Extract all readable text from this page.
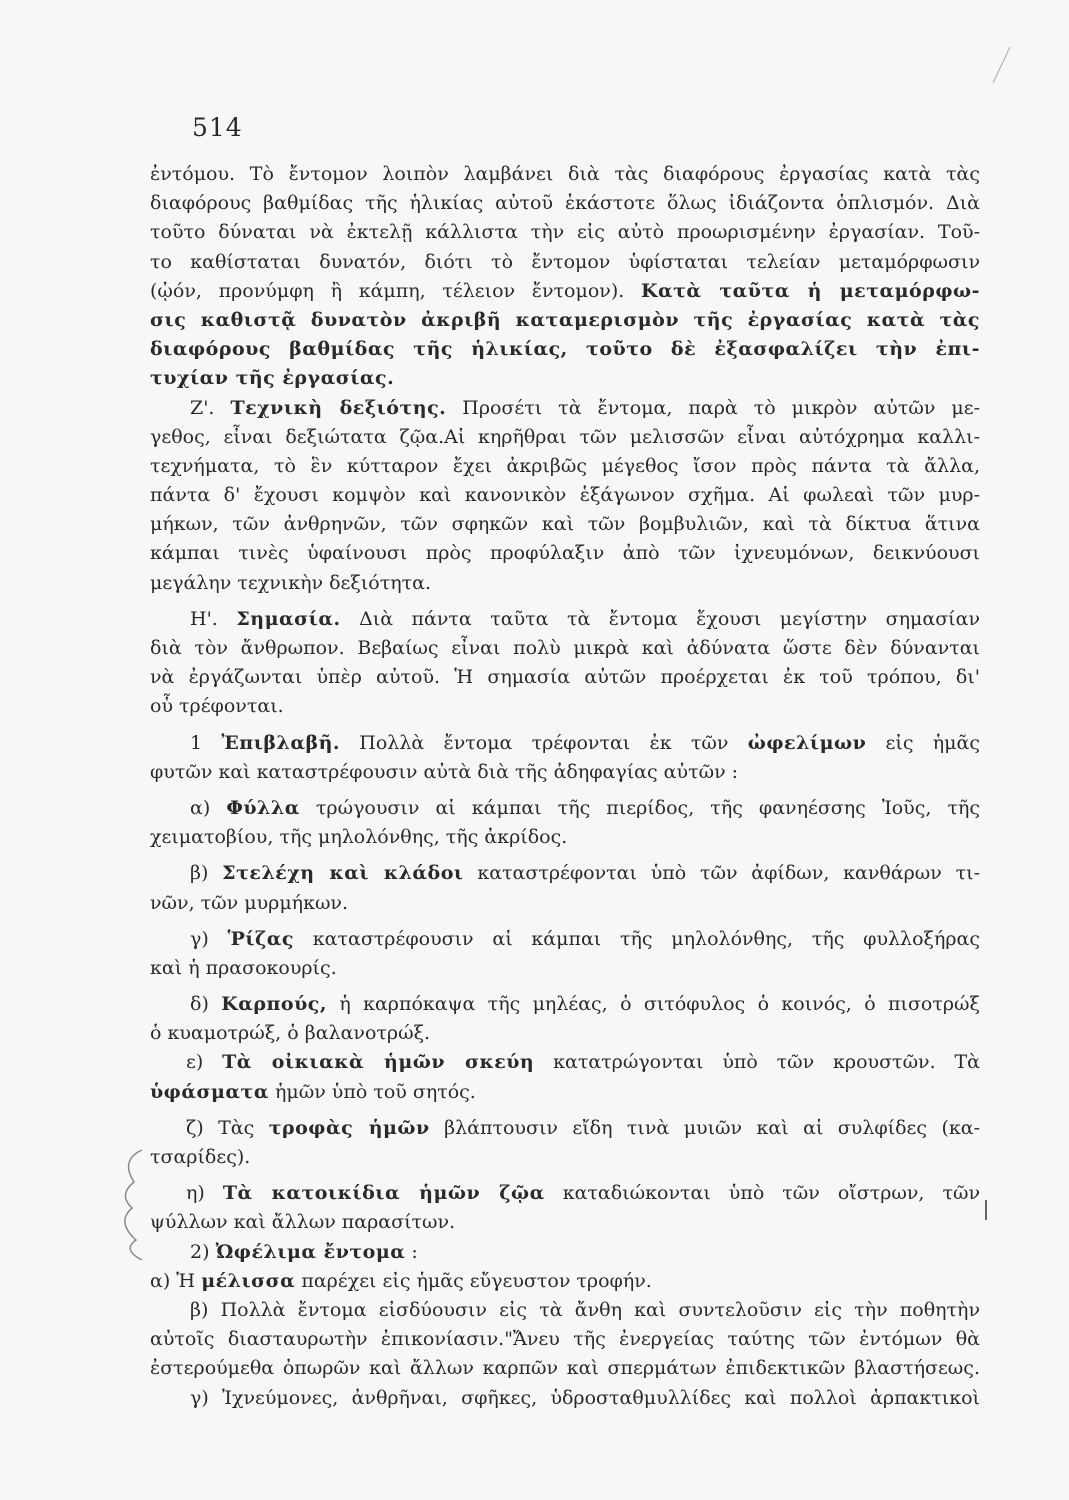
514
ἐντόμου. Τὸ ἔντομον λοιπὸν λαμβάνει διὰ τὰς διαφόρους ἐργασίας κατὰ τὰς
διαφόρους βαθμίδας τῆς ἡλικίας αὐτοῦ ἑκάστοτε ὅλως ἰδιάζοντα ὁπλισμόν. Διὰ
τοῦτο δύναται νὰ ἐκτελῇ κάλλιστα τὴν εἰς αὐτὸ προωρισμένην ἐργασίαν. Τοῦ-
το καθίσταται δυνατόν, διότι τὸ ἔντομον ὑφίσταται τελείαν μεταμόρφωσιν
(ᾠόν, προνύμφη ἢ κάμπη, τέλειον ἔντομον). Κατὰ ταῦτα ἡ μεταμόρφω-
σις καθιστᾷ δυνατὸν ἀκριβῆ καταμερισμὸν τῆς ἐργασίας κατὰ τὰς
διαφόρους βαθμίδας τῆς ἡλικίας, τοῦτο δὲ ἐξασφαλίζει τὴν ἐπι-
τυχίαν τῆς ἐργασίας.
Ζ'. Τεχνικὴ δεξιότης. Προσέτι τὰ ἔντομα, παρὰ τὸ μικρὸν αὐτῶν με-
γεθος, εἶναι δεξιώτατα ζῷα.Αἱ κηρῆθραι τῶν μελισσῶν εἶναι αὐτόχρημα καλλι-
τεχνήματα, τὸ ἓν κύτταρον ἔχει ἀκριβῶς μέγεθος ἴσον πρὸς πάντα τὰ ἄλλα,
πάντα δ' ἔχουσι κομψὸν καὶ κανονικὸν ἑξάγωνον σχῆμα. Αἱ φωλεαὶ τῶν μυρ-
μήκων, τῶν ἀνθρηνῶν, τῶν σφηκῶν καὶ τῶν βομβυλιῶν, καὶ τὰ δίκτυα ἅτινα
κάμπαι τινὲς ὑφαίνουσι πρὸς προφύλαξιν ἀπὸ τῶν ἰχνευμόνων, δεικνύουσι
μεγάλην τεχνικὴν δεξιότητα.
Η'. Σημασία. Διὰ πάντα ταῦτα τὰ ἔντομα ἔχουσι μεγίστην σημασίαν
διὰ τὸν ἄνθρωπον. Βεβαίως εἶναι πολὺ μικρὰ καὶ ἀδύνατα ὥστε δὲν δύνανται
νὰ ἐργάζωνται ὑπὲρ αὐτοῦ. Ἡ σημασία αὐτῶν προέρχεται ἐκ τοῦ τρόπου, δι'
οὗ τρέφονται.
1 Ἐπιβλαβῆ. Πολλὰ ἔντομα τρέφονται ἐκ τῶν ὠφελίμων εἰς ἡμᾶς
φυτῶν καὶ καταστρέφουσιν αὐτὰ διὰ τῆς ἀδηφαγίας αὐτῶν :
α) Φύλλα τρώγουσιν αἱ κάμπαι τῆς πιερίδος, τῆς φανηέσσης Ἰοῦς, τῆς
χειματοβίου, τῆς μηλολόνθης, τῆς ἀκρίδος.
β) Στελέχη καὶ κλάδοι καταστρέφονται ὑπὸ τῶν ἀφίδων, κανθάρων τι-
νῶν, τῶν μυρμήκων.
γ) Ῥίζας καταστρέφουσιν αἱ κάμπαι τῆς μηλολόνθης, τῆς φυλλοξήρας
καὶ ἡ πρασοκουρίς.
δ) Καρπούς, ἡ καρπόκαψα τῆς μηλέας, ὁ σιτόφυλος ὁ κοινός, ὁ πισοτρώξ
ὁ κυαμοτρώξ, ὁ βαλανοτρώξ.
ε) Τὰ οἰκιακὰ ἡμῶν σκεύη κατατρώγονται ὑπὸ τῶν κρουστῶν. Τὰ
ὑφάσματα ἡμῶν ὑπὸ τοῦ σητός.
ζ) Τὰς τροφὰς ἡμῶν βλάπτουσιν εἴδη τινὰ μυιῶν καὶ αἱ συλφίδες (κα-
τσαρίδες).
η) Τὰ κατοικίδια ἡμῶν ζῷα καταδιώκονται ὑπὸ τῶν οἴστρων, τῶν
ψύλλων καὶ ἄλλων παρασίτων.
2) Ὠφέλιμα ἔντομα :
α) Ἡ μέλισσα παρέχει εἰς ἡμᾶς εὔγευστον τροφήν.
β) Πολλὰ ἔντομα εἰσδύουσιν εἰς τὰ ἄνθη καὶ συντελοῦσιν εἰς τὴν ποθητὴν
αὐτοῖς διασταυρωτὴν ἐπικονίασιν."Ἄνευ τῆς ἐνεργείας ταύτης τῶν ἐντόμων θὰ
ἐστερούμεθα ὀπωρῶν καὶ ἄλλων καρπῶν καὶ σπερμάτων ἐπιδεκτικῶν βλαστήσεως.
γ) Ἰχνεύμονες, ἀνθρῆναι, σφῆκες, ὑδροσταθμυλλίδες καὶ πολλοὶ ἁρπακτικοὶ
